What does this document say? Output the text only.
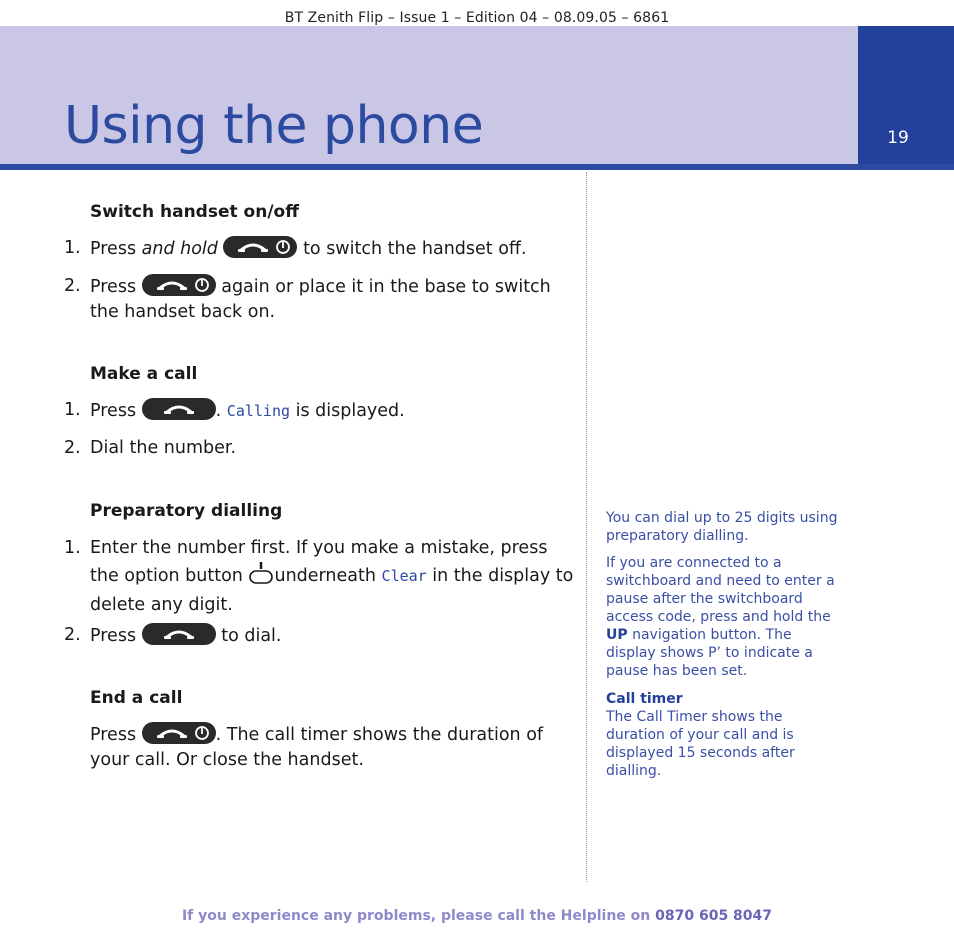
BT Zenith Flip – Issue 1 – Edition 04 – 08.09.05 – 6861
19
Using the phone
Switch handset on/off
1. Press and hold	to switch the handset off.
2. Press	again or place it in the base to switch the handset back on.
Make a call
1. Press	. Calling is displayed.
2. Dial the number.
Preparatory dialling
1. Enter the number first. If you make a mistake, press the option button underneath Clear in the display to delete any digit.
2. Press	to dial.
End a call
Press	. The call timer shows the duration of your call. Or close the handset.

You can dial up to 25 digits using preparatory dialling.

If you are connected to a switchboard and need to enter a pause after the switchboard access code, press and hold the UP navigation button. The display shows P’ to indicate a pause has been set.

Call timer

The Call Timer shows the duration of your call and is displayed 15 seconds after dialling.

If you experience any problems, please call the Helpline on 0870 605 8047
